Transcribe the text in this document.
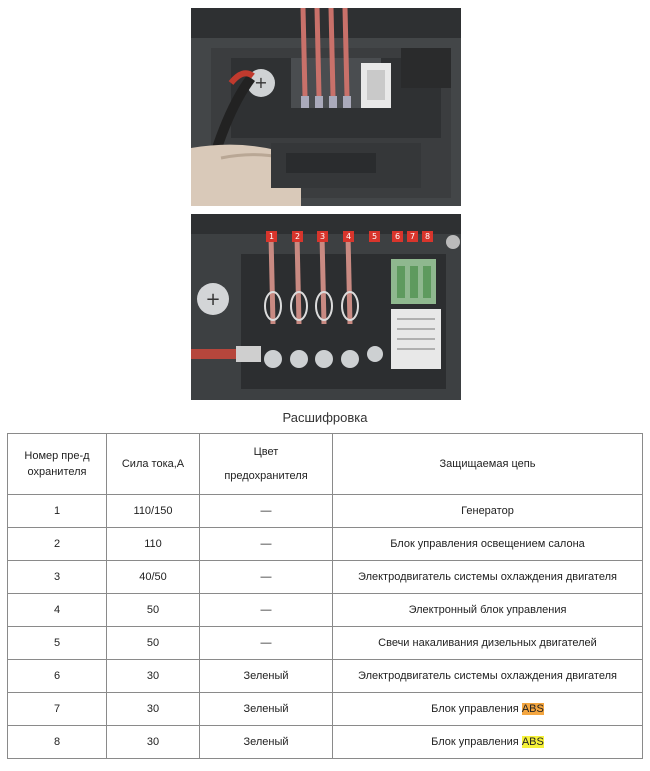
+
+
1	2	3	4	5	6	7	8
Расшифровка
Номер пре-дохранителя	Сила тока,А	Цвет предохранителя	Защищаемая цепь
1	110/150	—	Генератор
2	110	—	Блок управления освещением салона
3	40/50	—	Электродвигатель системы охлаждения двигателя
4	50	—	Электронный блок управления
5	50	—	Свечи накаливания дизельных двигателей
6	30	Зеленый	Электродвигатель системы охлаждения двигателя
7	30	Зеленый	Блок управления ABS
8	30	Зеленый	Блок управления ABS
